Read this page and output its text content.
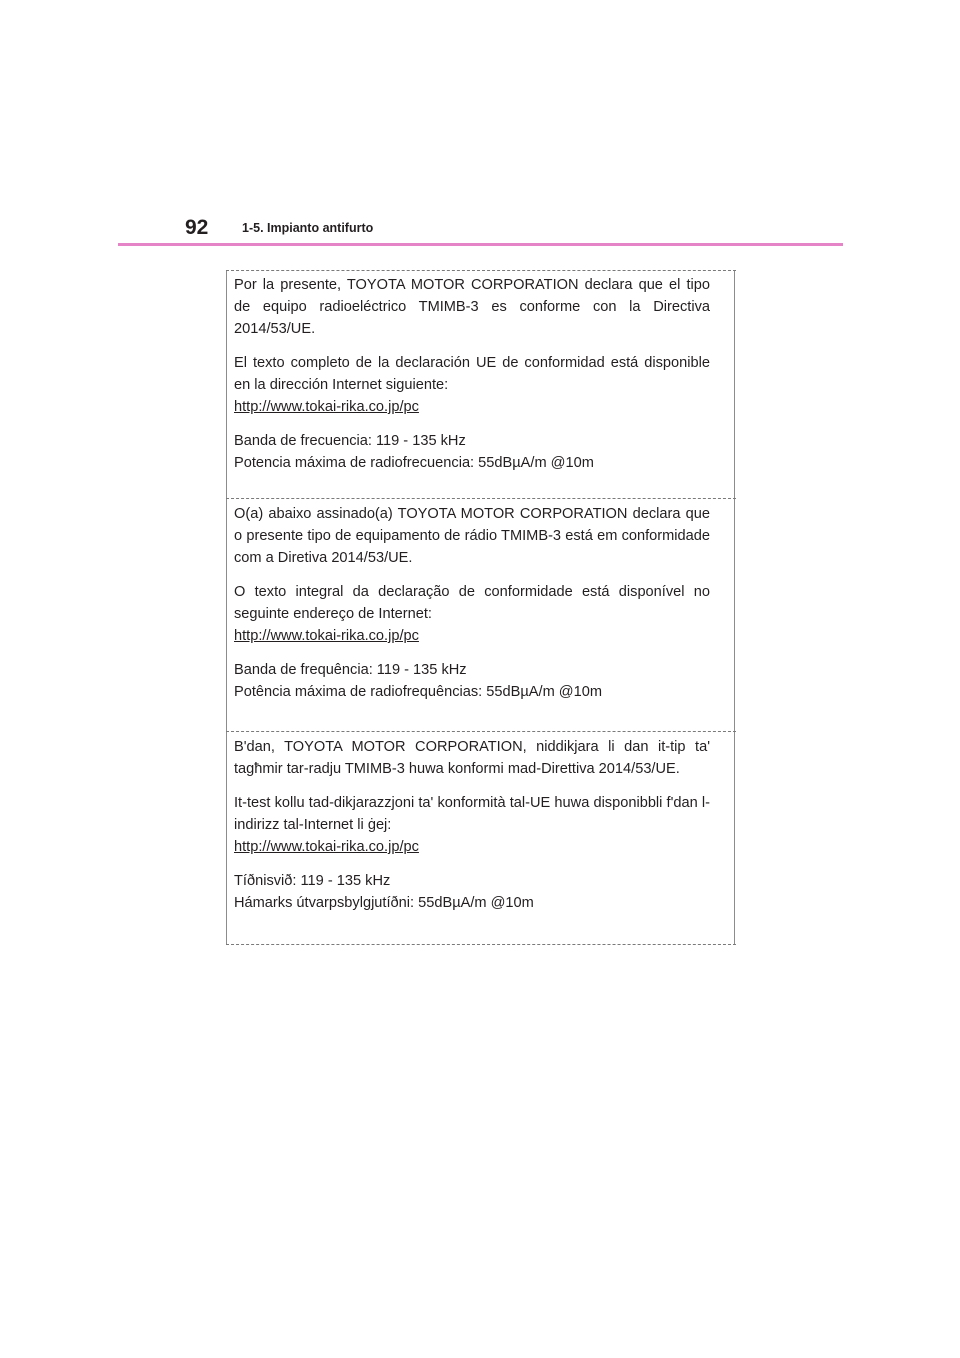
92	1-5. Impianto antifurto

Por la presente, TOYOTA MOTOR CORPORATION declara que el tipo de equipo radioeléctrico TMIMB-3 es conforme con la Directiva 2014/53/UE.

El texto completo de la declaración UE de conformidad está disponible en la dirección Internet siguiente:
http://www.tokai-rika.co.jp/pc

Banda de frecuencia: 119 - 135 kHz
Potencia máxima de radiofrecuencia: 55dBµA/m @10m

O(a) abaixo assinado(a) TOYOTA MOTOR CORPORATION declara que o presente tipo de equipamento de rádio TMIMB-3 está em conformidade com a Diretiva 2014/53/UE.

O texto integral da declaração de conformidade está disponível no seguinte endereço de Internet:
http://www.tokai-rika.co.jp/pc

Banda de frequência: 119 - 135 kHz
Potência máxima de radiofrequências: 55dBµA/m @10m

B'dan, TOYOTA MOTOR CORPORATION, niddikjara li dan it-tip ta' tagħmir tar-radju TMIMB-3 huwa konformi mad-Direttiva 2014/53/UE.

It-test kollu tad-dikjarazzjoni ta' konformità tal-UE huwa disponibbli f'dan l-indirizz tal-Internet li ġej:
http://www.tokai-rika.co.jp/pc

Tíðnisvið: 119 - 135 kHz
Hámarks útvarpsbylgjutíðni: 55dBµA/m @10m
